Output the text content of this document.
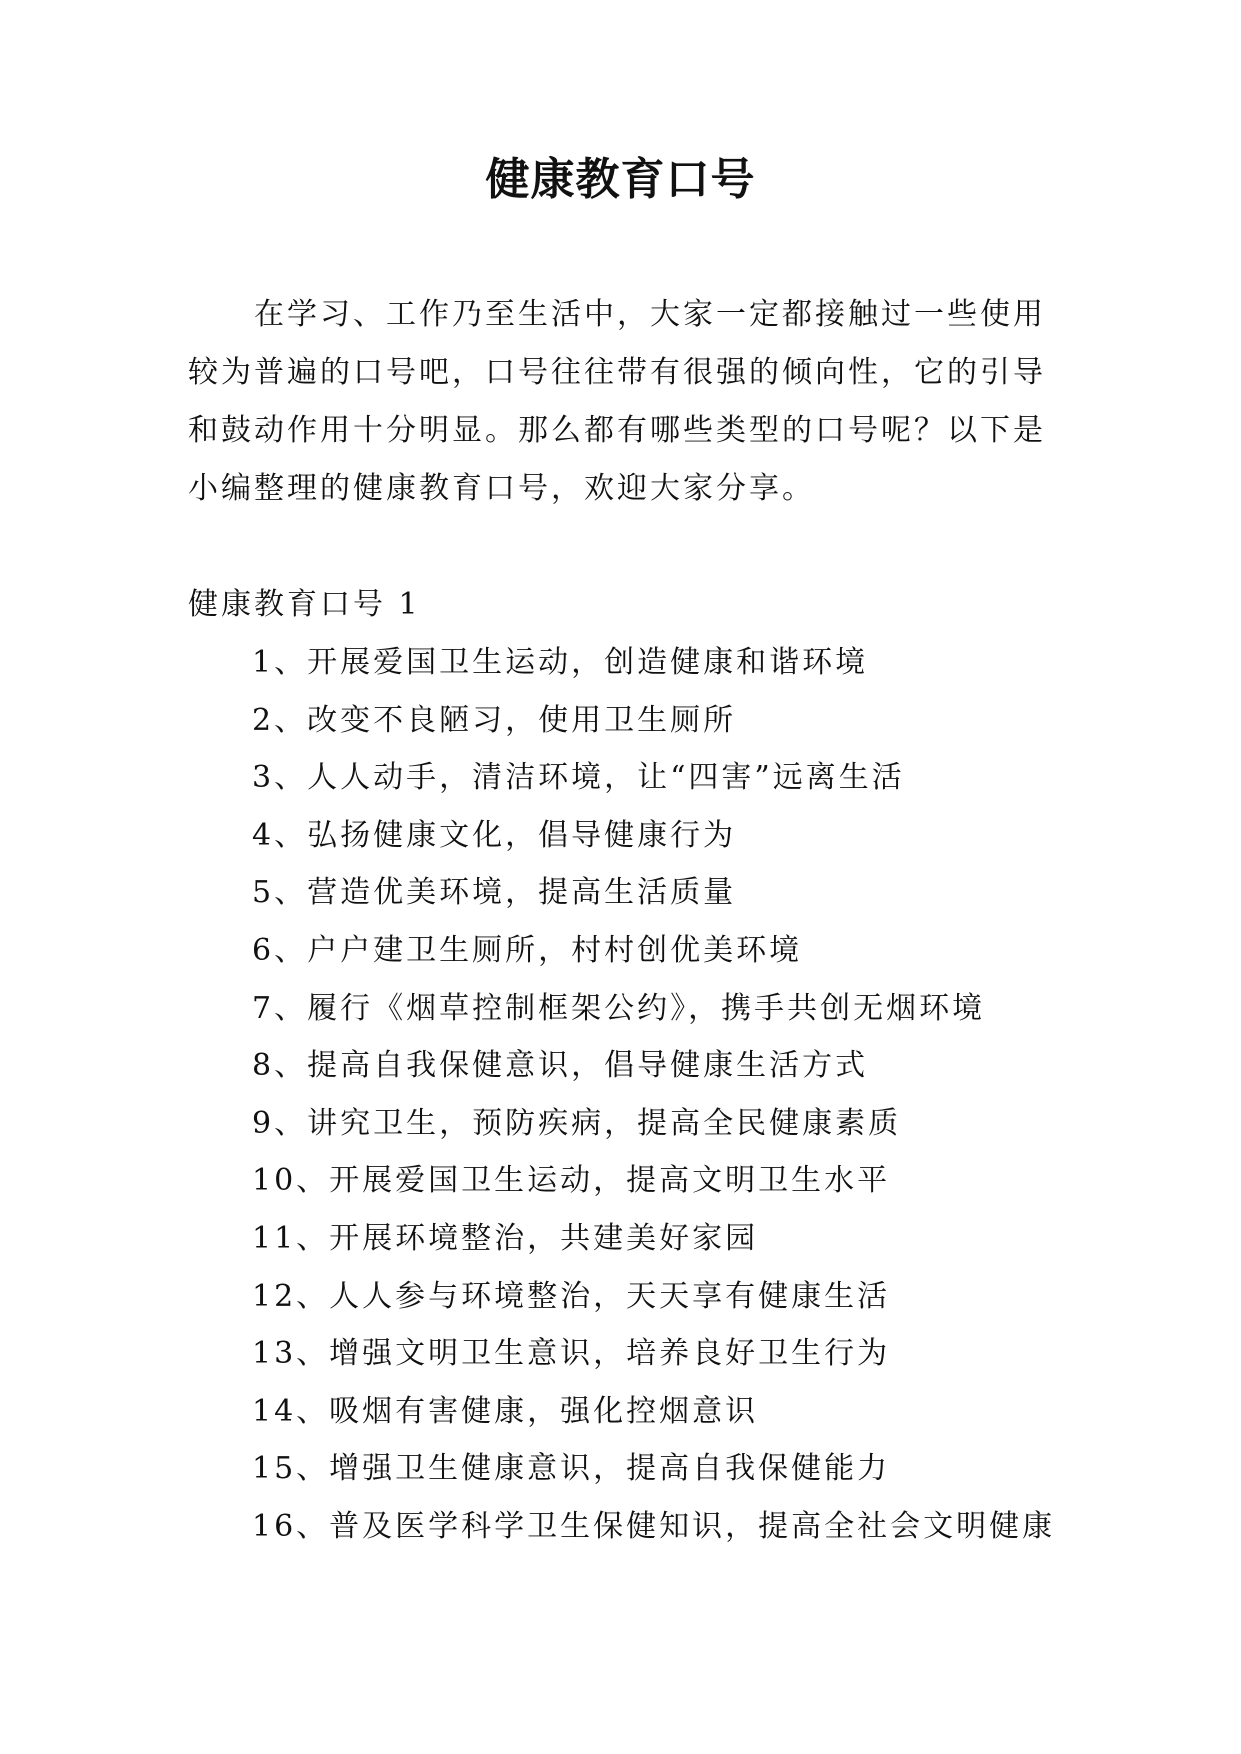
健康教育口号

在学习、工作乃至生活中，大家一定都接触过一些使用较为普遍的口号吧，口号往往带有很强的倾向性，它的引导和鼓动作用十分明显。那么都有哪些类型的口号呢？以下是小编整理的健康教育口号，欢迎大家分享。

健康教育口号 1
1、开展爱国卫生运动，创造健康和谐环境
2、改变不良陋习，使用卫生厕所
3、人人动手，清洁环境，让“四害”远离生活
4、弘扬健康文化，倡导健康行为
5、营造优美环境，提高生活质量
6、户户建卫生厕所，村村创优美环境
7、履行《烟草控制框架公约》，携手共创无烟环境
8、提高自我保健意识，倡导健康生活方式
9、讲究卫生，预防疾病，提高全民健康素质
10、开展爱国卫生运动，提高文明卫生水平
11、开展环境整治，共建美好家园
12、人人参与环境整治，天天享有健康生活
13、增强文明卫生意识，培养良好卫生行为
14、吸烟有害健康，强化控烟意识
15、增强卫生健康意识，提高自我保健能力
16、普及医学科学卫生保健知识，提高全社会文明健康
